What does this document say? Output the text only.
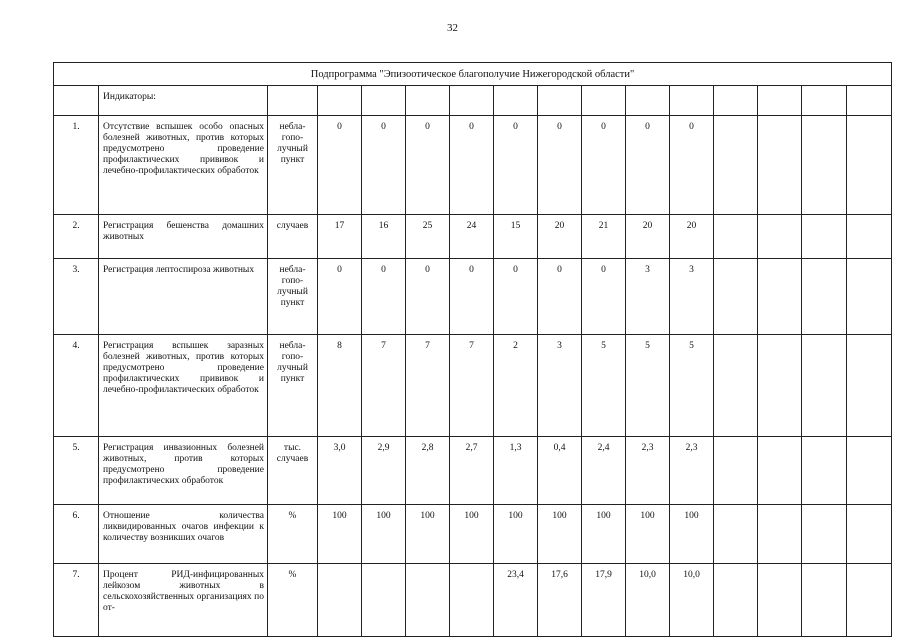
32
Подпрограмма "Эпизоотическое благополучие Нижегородской области"															
	Индикаторы:														
1.	Отсутствие вспышек особо опасных болезней животных, против которых предусмотрено проведение профилактических прививок и лечебно-профилактических обработок	небла-
гопо-
лучный
пункт	0	0	0	0	0	0	0	0	0				
2.	Регистрация бешенства домашних животных	случаев	17	16	25	24	15	20	21	20	20				
3.	Регистрация лептоспироза животных	небла-
гопо-
лучный
пункт	0	0	0	0	0	0	0	3	3				
4.	Регистрация вспышек заразных болезней животных, против которых предусмотрено проведение профилактических прививок и лечебно-профилактических обработок	небла-
гопо-
лучный
пункт	8	7	7	7	2	3	5	5	5				
5.	Регистрация инвазионных болезней животных, против которых предусмотрено проведение профилактических обработок	тыс.
случаев	3,0	2,9	2,8	2,7	1,3	0,4	2,4	2,3	2,3				
6.	Отношение количества ликвидированных очагов инфекции к количеству возникших очагов	%	100	100	100	100	100	100	100	100	100				
7.	Процент РИД-инфицированных лейкозом животных в сельскохозяйственных организациях по от-	%					23,4	17,6	17,9	10,0	10,0				
